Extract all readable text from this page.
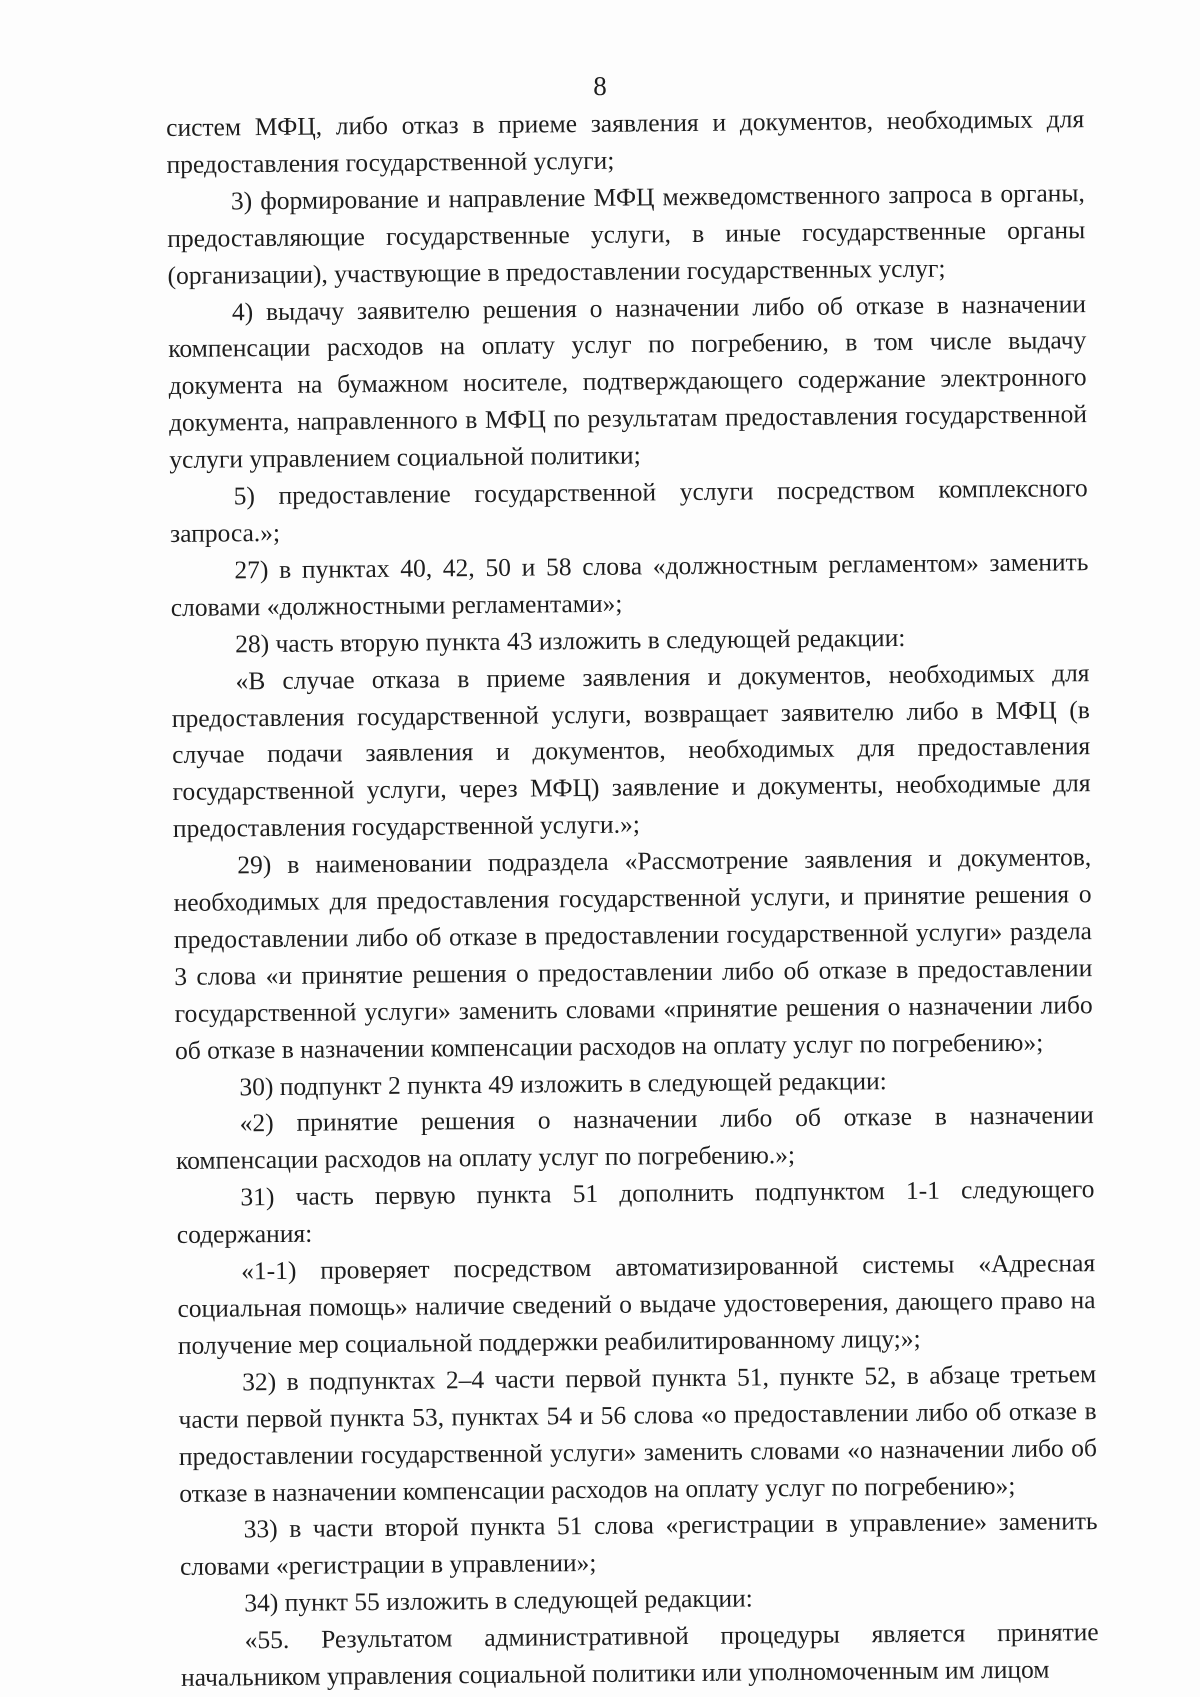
8

систем МФЦ, либо отказ в приеме заявления и документов, необходимых для предоставления государственной услуги;

3) формирование и направление МФЦ межведомственного запроса в органы, предоставляющие государственные услуги, в иные государственные органы (организации), участвующие в предоставлении государственных услуг;

4) выдачу заявителю решения о назначении либо об отказе в назначении компенсации расходов на оплату услуг по погребению, в том числе выдачу документа на бумажном носителе, подтверждающего содержание электронного документа, направленного в МФЦ по результатам предоставления государственной услуги управлением социальной политики;

5) предоставление государственной услуги посредством комплексного запроса.»;

27) в пунктах 40, 42, 50 и 58 слова «должностным регламентом» заменить словами «должностными регламентами»;

28) часть вторую пункта 43 изложить в следующей редакции:

«В случае отказа в приеме заявления и документов, необходимых для предоставления государственной услуги, возвращает заявителю либо в МФЦ (в случае подачи заявления и документов, необходимых для предоставления государственной услуги, через МФЦ) заявление и документы, необходимые для предоставления государственной услуги.»;

29) в наименовании подраздела «Рассмотрение заявления и документов, необходимых для предоставления государственной услуги, и принятие решения о предоставлении либо об отказе в предоставлении государственной услуги» раздела 3 слова «и принятие решения о предоставлении либо об отказе в предоставлении государственной услуги» заменить словами «принятие решения о назначении либо об отказе в назначении компенсации расходов на оплату услуг по погребению»;

30) подпункт 2 пункта 49 изложить в следующей редакции:

«2) принятие решения о назначении либо об отказе в назначении компенсации расходов на оплату услуг по погребению.»;

31) часть первую пункта 51 дополнить подпунктом 1-1 следующего содержания:

«1-1) проверяет посредством автоматизированной системы «Адресная социальная помощь» наличие сведений о выдаче удостоверения, дающего право на получение мер социальной поддержки реабилитированному лицу;»;

32) в подпунктах 2–4 части первой пункта 51, пункте 52, в абзаце третьем части первой пункта 53, пунктах 54 и 56 слова «о предоставлении либо об отказе в предоставлении государственной услуги» заменить словами «о назначении либо об отказе в назначении компенсации расходов на оплату услуг по погребению»;

33) в части второй пункта 51 слова «регистрации в управление» заменить словами «регистрации в управлении»;

34) пункт 55 изложить в следующей редакции:

«55. Результатом административной процедуры является принятие начальником управления социальной политики или уполномоченным им лицом
